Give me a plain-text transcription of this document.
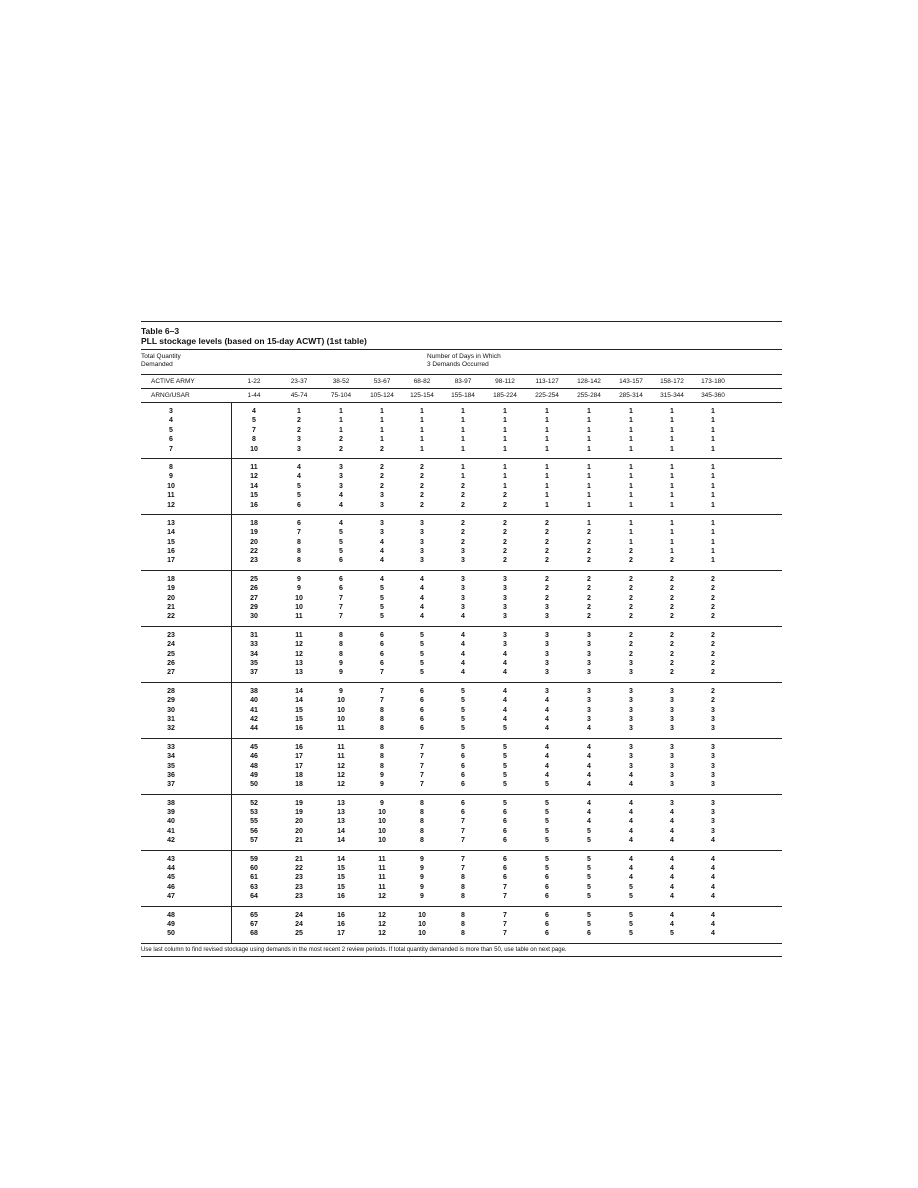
Table 6–3
PLL stockage levels (based on 15-day ACWT) (1st table)
Total Quantity
Demanded
Number of Days in Which
3 Demands Occurred
ACTIVE ARMY	1-22	23-37	38-52	53-67	68-82	83-97	98-112	113-127	128-142	143-157	158-172	173-180
ARNG/USAR	1-44	45-74	75-104	105-124	125-154	155-184	185-224	225-254	255-284	285-314	315-344	345-360
3	4	1	1	1	1	1	1	1	1	1	1	1
4	5	2	1	1	1	1	1	1	1	1	1	1
5	7	2	1	1	1	1	1	1	1	1	1	1
6	8	3	2	1	1	1	1	1	1	1	1	1
7	10	3	2	2	1	1	1	1	1	1	1	1
8	11	4	3	2	2	1	1	1	1	1	1	1
9	12	4	3	2	2	1	1	1	1	1	1	1
10	14	5	3	2	2	2	1	1	1	1	1	1
11	15	5	4	3	2	2	2	1	1	1	1	1
12	16	6	4	3	2	2	2	1	1	1	1	1
13	18	6	4	3	3	2	2	2	1	1	1	1
14	19	7	5	3	3	2	2	2	2	1	1	1
15	20	8	5	4	3	2	2	2	2	1	1	1
16	22	8	5	4	3	3	2	2	2	2	1	1
17	23	8	6	4	3	3	2	2	2	2	2	1
18	25	9	6	4	4	3	3	2	2	2	2	2
19	26	9	6	5	4	3	3	2	2	2	2	2
20	27	10	7	5	4	3	3	2	2	2	2	2
21	29	10	7	5	4	3	3	3	2	2	2	2
22	30	11	7	5	4	4	3	3	2	2	2	2
23	31	11	8	6	5	4	3	3	3	2	2	2
24	33	12	8	6	5	4	3	3	3	2	2	2
25	34	12	8	6	5	4	4	3	3	2	2	2
26	35	13	9	6	5	4	4	3	3	3	2	2
27	37	13	9	7	5	4	4	3	3	3	2	2
28	38	14	9	7	6	5	4	3	3	3	3	2
29	40	14	10	7	6	5	4	4	3	3	3	2
30	41	15	10	8	6	5	4	4	3	3	3	3
31	42	15	10	8	6	5	4	4	3	3	3	3
32	44	16	11	8	6	5	5	4	4	3	3	3
33	45	16	11	8	7	5	5	4	4	3	3	3
34	46	17	11	8	7	6	5	4	4	3	3	3
35	48	17	12	8	7	6	5	4	4	3	3	3
36	49	18	12	9	7	6	5	4	4	4	3	3
37	50	18	12	9	7	6	5	5	4	4	3	3
38	52	19	13	9	8	6	5	5	4	4	3	3
39	53	19	13	10	8	6	6	5	4	4	4	3
40	55	20	13	10	8	7	6	5	4	4	4	3
41	56	20	14	10	8	7	6	5	5	4	4	3
42	57	21	14	10	8	7	6	5	5	4	4	4
43	59	21	14	11	9	7	6	5	5	4	4	4
44	60	22	15	11	9	7	6	5	5	4	4	4
45	61	23	15	11	9	8	6	6	5	4	4	4
46	63	23	15	11	9	8	7	6	5	5	4	4
47	64	23	16	12	9	8	7	6	5	5	4	4
48	65	24	16	12	10	8	7	6	5	5	4	4
49	67	24	16	12	10	8	7	6	5	5	4	4
50	68	25	17	12	10	8	7	6	6	5	5	4
Use last column to find revised stockage using demands in the most recent 2 review periods. If total quantity demanded is more than 50, use table on next page.
